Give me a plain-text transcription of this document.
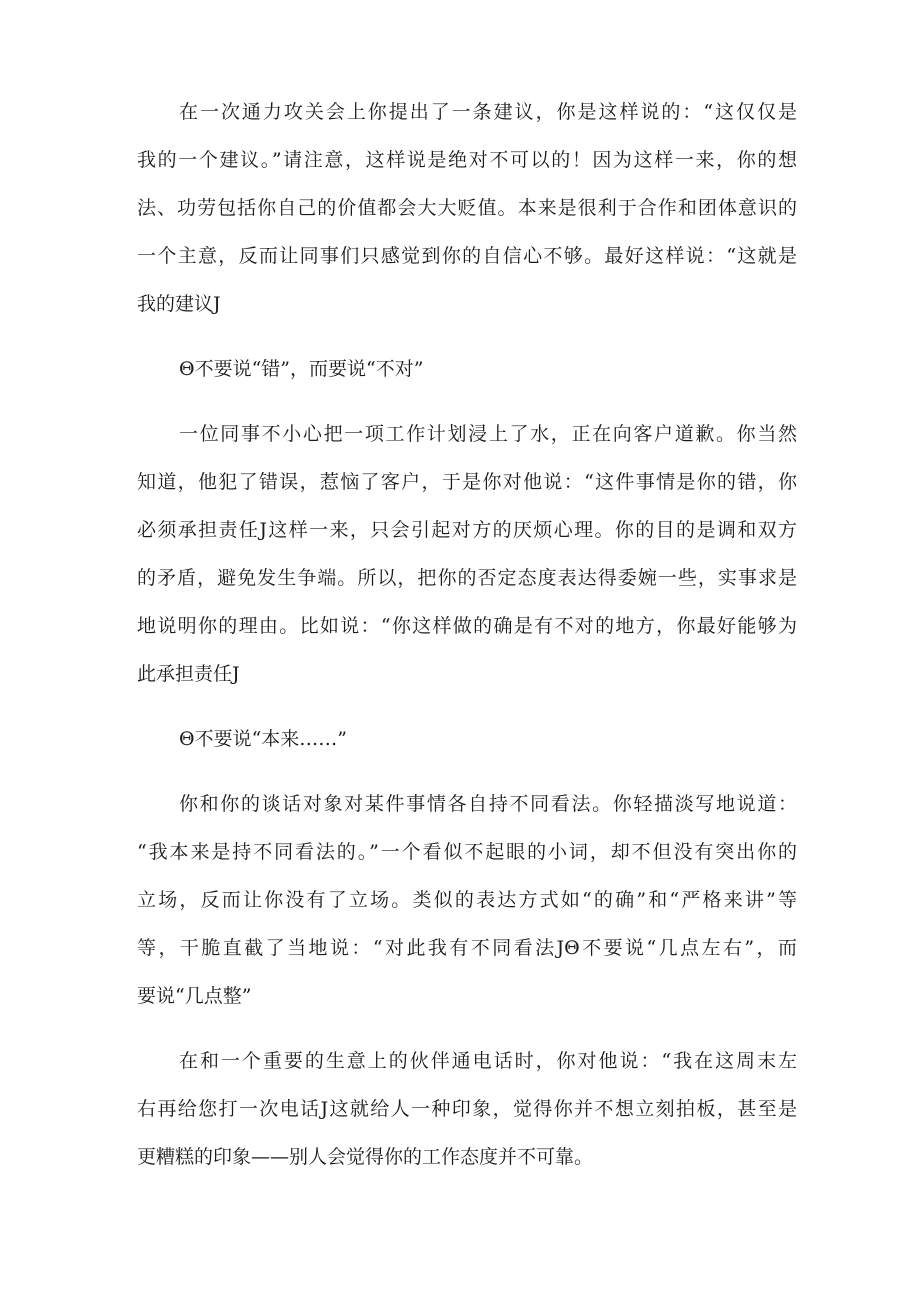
在一次通力攻关会上你提出了一条建议，你是这样说的：“这仅仅是
我的一个建议。”请注意，这样说是绝对不可以的！因为这样一来，你的想
法、功劳包括你自己的价值都会大大贬值。本来是很利于合作和团体意识的
一个主意，反而让同事们只感觉到你的自信心不够。最好这样说：“这就是
我的建议J
Θ不要说“错”，而要说“不对”
一位同事不小心把一项工作计划浸上了水，正在向客户道歉。你当然
知道，他犯了错误，惹恼了客户，于是你对他说：“这件事情是你的错，你
必须承担责任J这样一来，只会引起对方的厌烦心理。你的目的是调和双方
的矛盾，避免发生争端。所以，把你的否定态度表达得委婉一些，实事求是
地说明你的理由。比如说：“你这样做的确是有不对的地方，你最好能够为
此承担责任J
Θ不要说“本来……”
你和你的谈话对象对某件事情各自持不同看法。你轻描淡写地说道：
“我本来是持不同看法的。”一个看似不起眼的小词，却不但没有突出你的
立场，反而让你没有了立场。类似的表达方式如“的确”和“严格来讲”等
等，干脆直截了当地说：“对此我有不同看法JΘ不要说“几点左右”，而
要说“几点整”
在和一个重要的生意上的伙伴通电话时，你对他说：“我在这周末左
右再给您打一次电话J这就给人一种印象，觉得你并不想立刻拍板，甚至是
更糟糕的印象——别人会觉得你的工作态度并不可靠。
